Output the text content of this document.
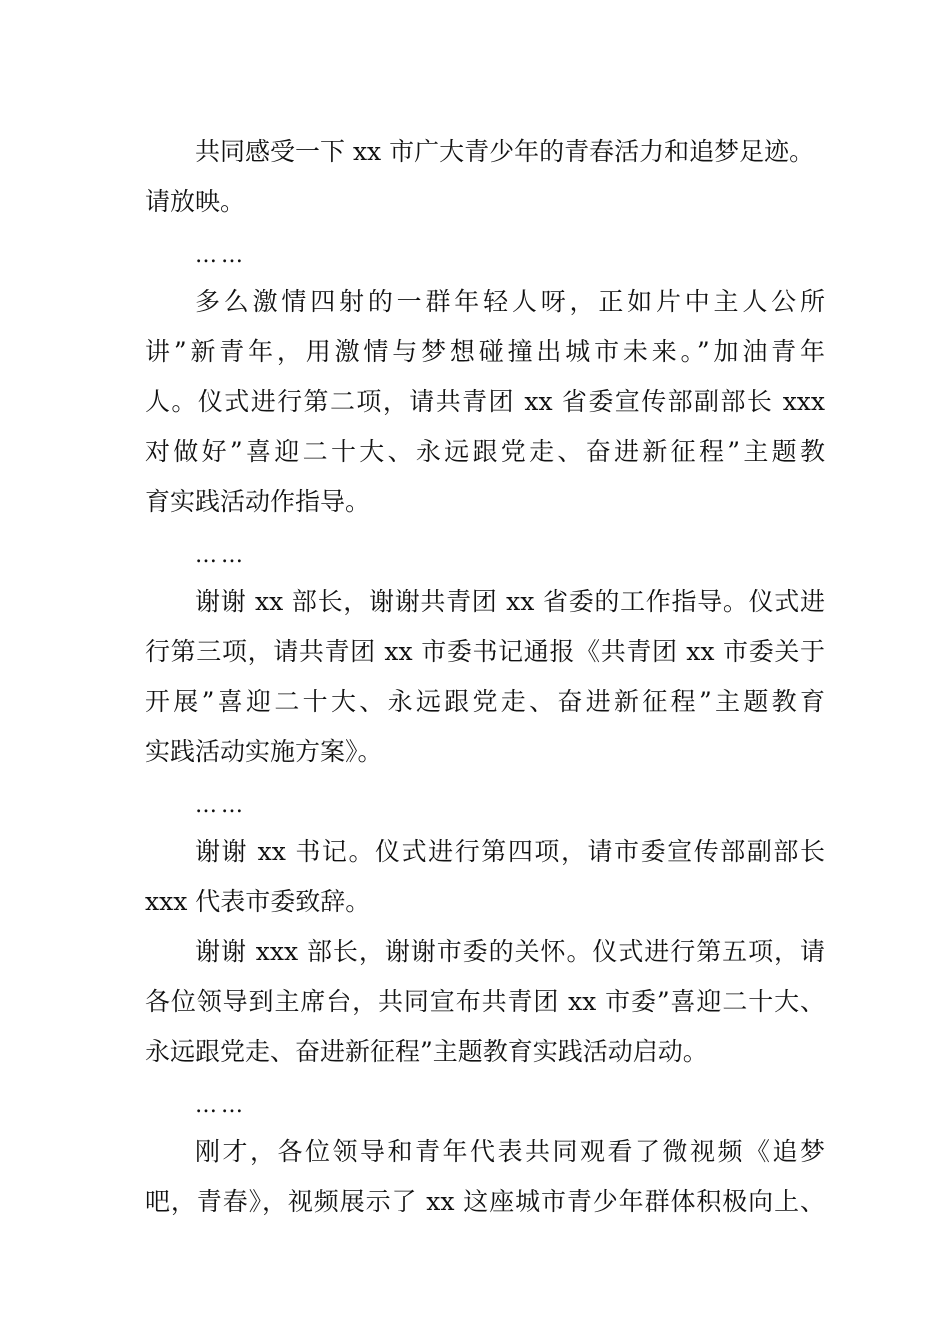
共同感受一下 xx 市广大青少年的青春活力和追梦足迹。
请放映。
……
多么激情四射的一群年轻人呀，正如片中主人公所
讲”新青年，用激情与梦想碰撞出城市未来。”加油青年
人。仪式进行第二项，请共青团 xx 省委宣传部副部长 xxx
对做好”喜迎二十大、永远跟党走、奋进新征程”主题教
育实践活动作指导。
……
谢谢 xx 部长，谢谢共青团 xx 省委的工作指导。仪式进
行第三项，请共青团 xx 市委书记通报《共青团 xx 市委关于
开展”喜迎二十大、永远跟党走、奋进新征程”主题教育
实践活动实施方案》。
……
谢谢 xx 书记。仪式进行第四项，请市委宣传部副部长
xxx 代表市委致辞。
谢谢 xxx 部长，谢谢市委的关怀。仪式进行第五项，请
各位领导到主席台，共同宣布共青团 xx 市委”喜迎二十大、
永远跟党走、奋进新征程”主题教育实践活动启动。
……
刚才，各位领导和青年代表共同观看了微视频《追梦
吧，青春》，视频展示了 xx 这座城市青少年群体积极向上、
